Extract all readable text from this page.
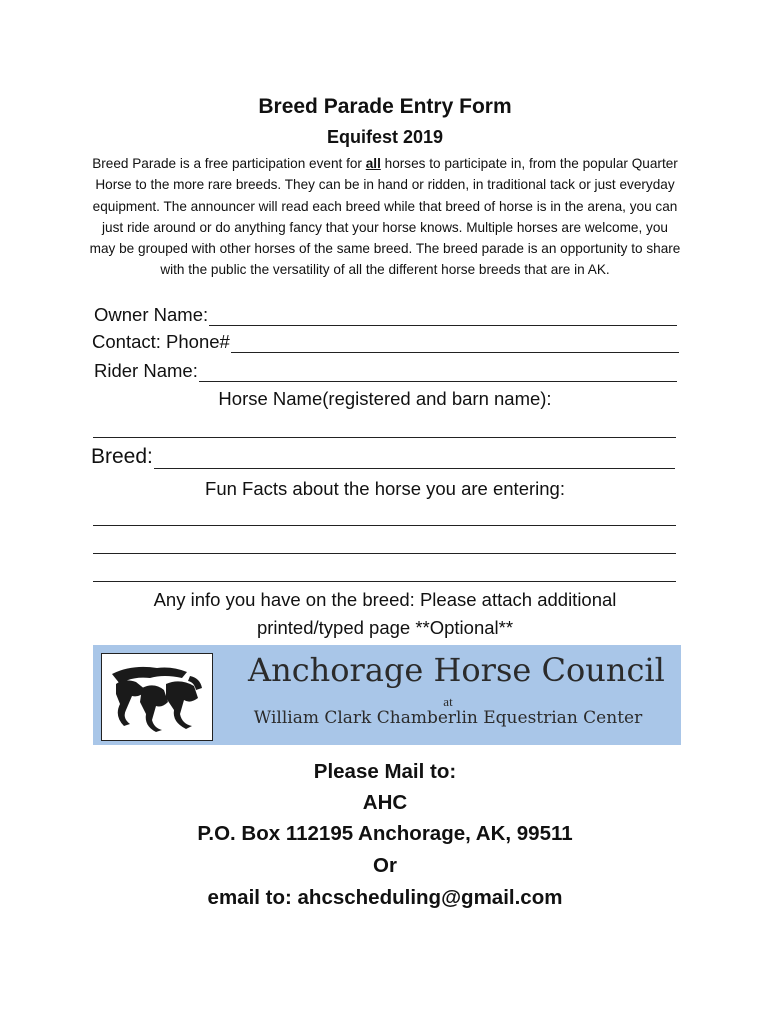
Breed Parade Entry Form
Equifest 2019
Breed Parade is a free participation event for all horses to participate in, from the popular Quarter Horse to the more rare breeds. They can be in hand or ridden, in traditional tack or just everyday equipment. The announcer will read each breed while that breed of horse is in the arena, you can just ride around or do anything fancy that your horse knows. Multiple horses are welcome, you may be grouped with other horses of the same breed. The breed parade is an opportunity to share with the public the versatility of all the different horse breeds that are in AK.
Owner Name:
Contact: Phone#
Rider Name:
Horse Name(registered and barn name):
Breed:
Fun Facts about the horse you are entering:
Any info you have on the breed: Please attach additional
printed/typed page **Optional**
Anchorage Horse Council
at
William Clark Chamberlin Equestrian Center
Please Mail to:
AHC
P.O. Box 112195 Anchorage, AK, 99511
Or
email to: ahcscheduling@gmail.com
